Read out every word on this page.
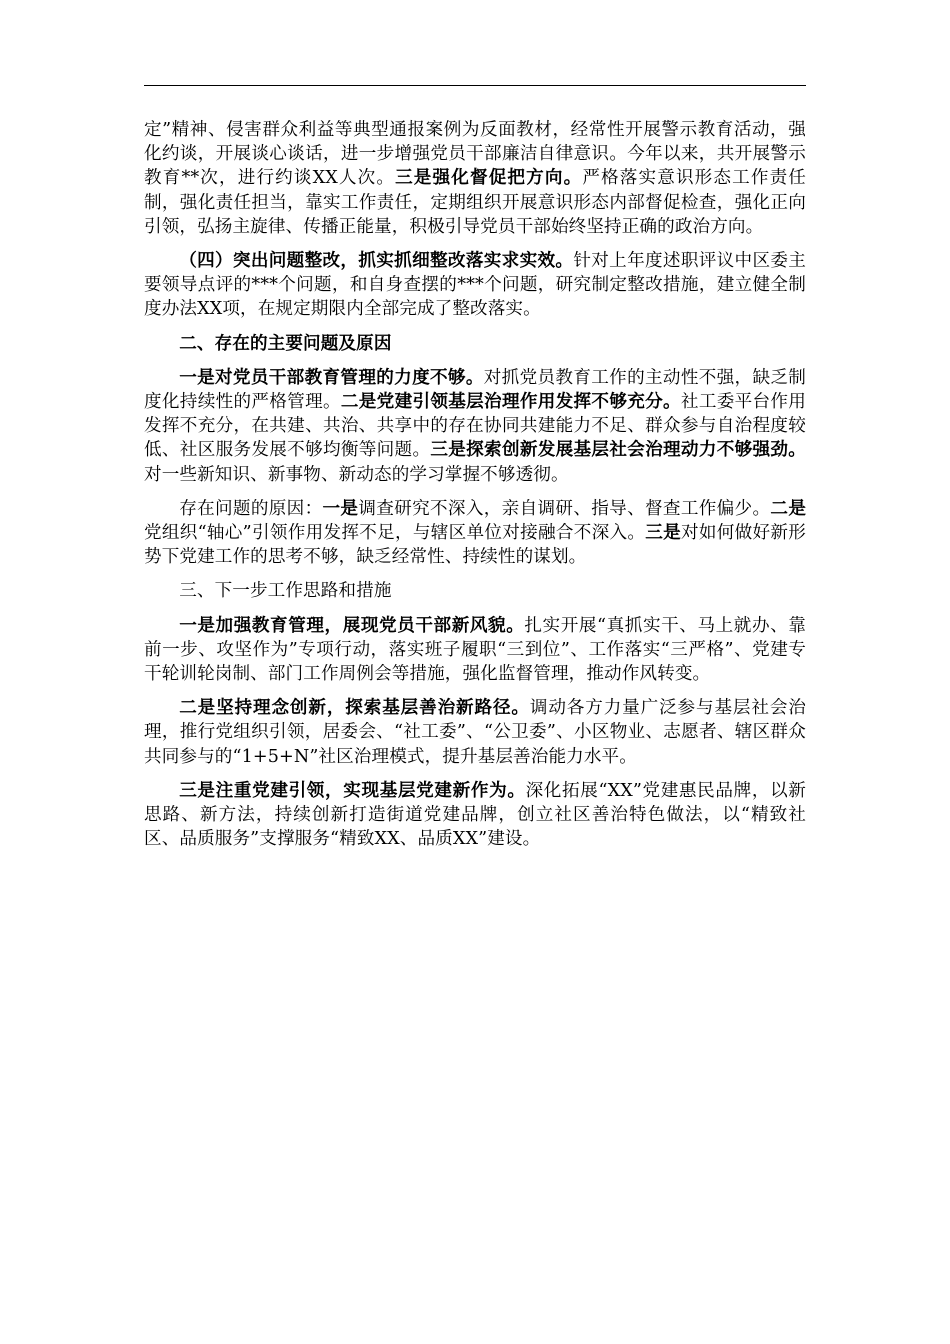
定”精神、侵害群众利益等典型通报案例为反面教材，经常性开展警示教育活动，强化约谈，开展谈心谈话，进一步增强党员干部廉洁自律意识。今年以来，共开展警示教育**次，进行约谈XX人次。三是强化督促把方向。严格落实意识形态工作责任制，强化责任担当，靠实工作责任，定期组织开展意识形态内部督促检查，强化正向引领，弘扬主旋律、传播正能量，积极引导党员干部始终坚持正确的政治方向。

（四）突出问题整改，抓实抓细整改落实求实效。针对上年度述职评议中区委主要领导点评的***个问题，和自身查摆的***个问题，研究制定整改措施，建立健全制度办法XX项，在规定期限内全部完成了整改落实。

二、存在的主要问题及原因

一是对党员干部教育管理的力度不够。对抓党员教育工作的主动性不强，缺乏制度化持续性的严格管理。二是党建引领基层治理作用发挥不够充分。社工委平台作用发挥不充分，在共建、共治、共享中的存在协同共建能力不足、群众参与自治程度较低、社区服务发展不够均衡等问题。三是探索创新发展基层社会治理动力不够强劲。对一些新知识、新事物、新动态的学习掌握不够透彻。

存在问题的原因：一是调查研究不深入，亲自调研、指导、督查工作偏少。二是党组织“轴心”引领作用发挥不足，与辖区单位对接融合不深入。三是对如何做好新形势下党建工作的思考不够，缺乏经常性、持续性的谋划。

三、下一步工作思路和措施

一是加强教育管理，展现党员干部新风貌。扎实开展“真抓实干、马上就办、靠前一步、攻坚作为”专项行动，落实班子履职“三到位”、工作落实“三严格”、党建专干轮训轮岗制、部门工作周例会等措施，强化监督管理，推动作风转变。

二是坚持理念创新，探索基层善治新路径。调动各方力量广泛参与基层社会治理，推行党组织引领，居委会、“社工委”、“公卫委”、小区物业、志愿者、辖区群众共同参与的“1+5+N”社区治理模式，提升基层善治能力水平。

三是注重党建引领，实现基层党建新作为。深化拓展“XX”党建惠民品牌，以新思路、新方法，持续创新打造街道党建品牌，创立社区善治特色做法，以“精致社区、品质服务”支撑服务“精致XX、品质XX”建设。
